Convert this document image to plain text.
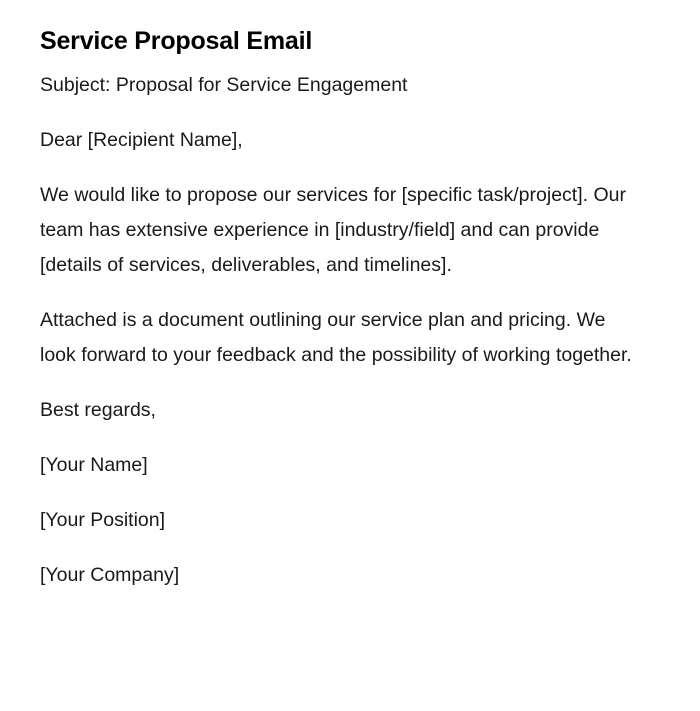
Service Proposal Email

Subject: Proposal for Service Engagement

Dear [Recipient Name],

We would like to propose our services for [specific task/project]. Our team has extensive experience in [industry/field] and can provide [details of services, deliverables, and timelines].

Attached is a document outlining our service plan and pricing. We look forward to your feedback and the possibility of working together.

Best regards,

[Your Name]

[Your Position]

[Your Company]
